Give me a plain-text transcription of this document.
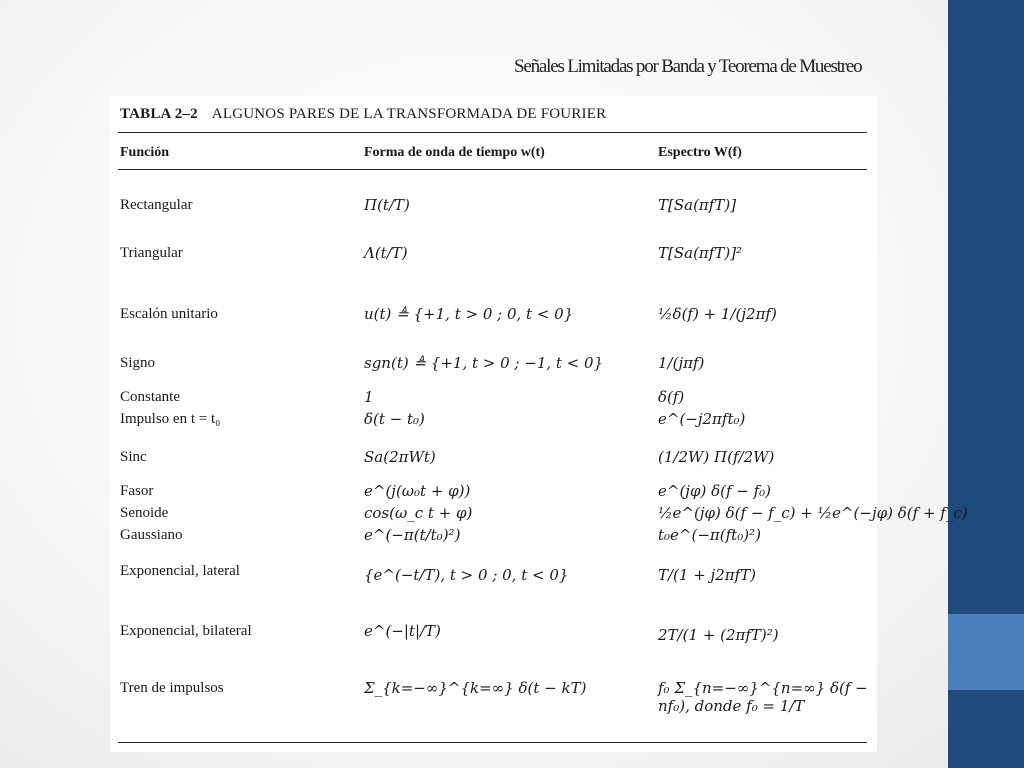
Señales Limitadas por Banda y Teorema de Muestreo
TABLA 2–2 ALGUNOS PARES DE LA TRANSFORMADA DE FOURIER
Función	Forma de onda de tiempo w(t)	Espectro W(f)
Rectangular	Π(t/T)	T[Sa(πfT)]
Triangular	Λ(t/T)	T[Sa(πfT)]²
Escalón unitario	u(t) ≜ {+1, t > 0 ; 0, t < 0}	½δ(f) + 1/(j2πf)
Signo	sgn(t) ≜ {+1, t > 0 ; −1, t < 0}	1/(jπf)
Constante	1	δ(f)
Impulso en t = t₀	δ(t − t₀)	e^(−j2πft₀)
Sinc	Sa(2πWt)	(1/2W) Π(f/2W)
Fasor	e^(j(ω₀t + φ))	e^(jφ) δ(f − f₀)
Senoide	cos(ω_c t + φ)	½e^(jφ) δ(f − f_c) + ½e^(−jφ) δ(f + f_c)
Gaussiano	e^(−π(t/t₀)²)	t₀e^(−π(ft₀)²)
Exponencial, lateral	{e^(−t/T), t > 0 ; 0, t < 0}	T/(1 + j2πfT)
Exponencial, bilateral	e^(−|t|/T)	2T/(1 + (2πfT)²)
Tren de impulsos	Σ_{k=−∞}^{k=∞} δ(t − kT)	f₀ Σ_{n=−∞}^{n=∞} δ(f − nf₀), donde f₀ = 1/T
